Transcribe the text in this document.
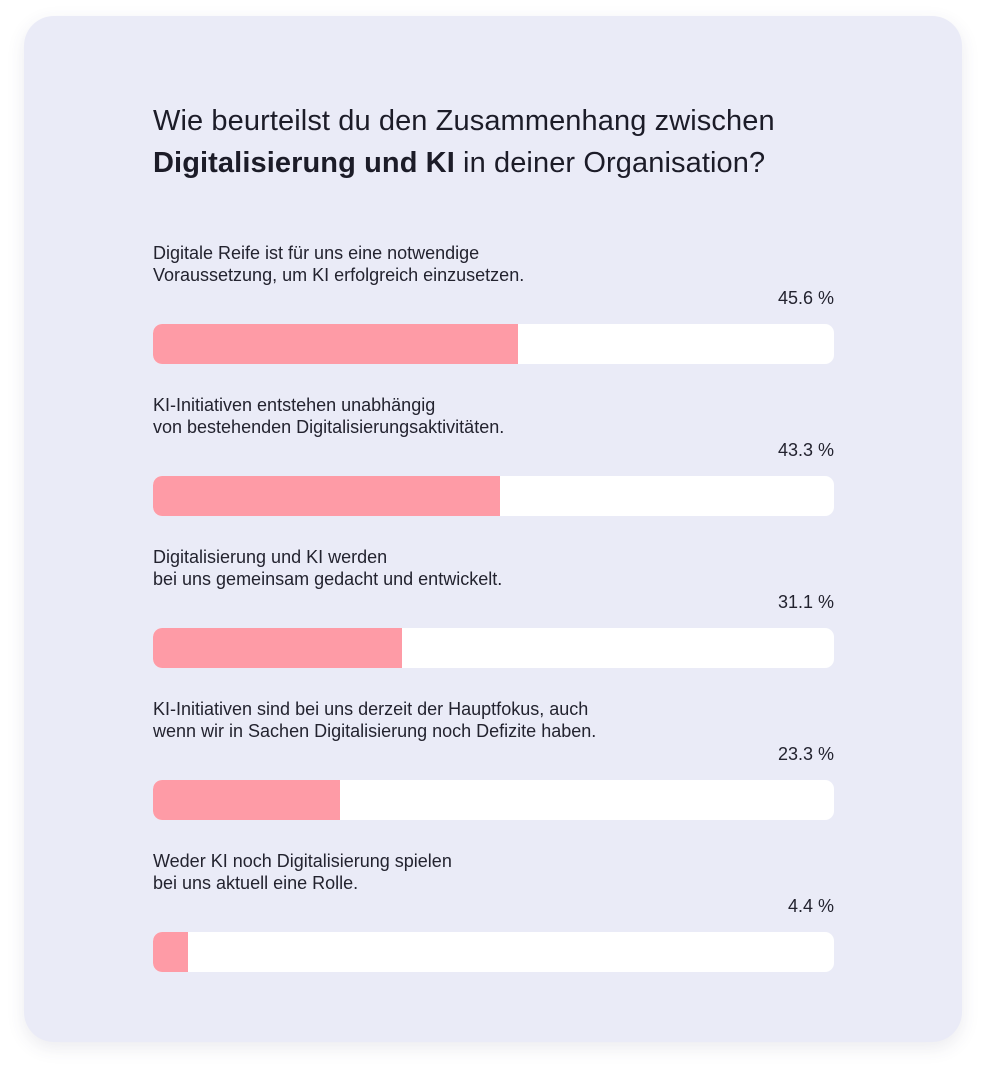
Wie beurteilst du den Zusammenhang zwischen
Digitalisierung und KI in deiner Organisation?
Digitale Reife ist für uns eine notwendige
Voraussetzung, um KI erfolgreich einzusetzen.
45.6 %
KI-Initiativen entstehen unabhängig
von bestehenden Digitalisierungsaktivitäten.
43.3 %
Digitalisierung und KI werden
bei uns gemeinsam gedacht und entwickelt.
31.1 %
KI-Initiativen sind bei uns derzeit der Hauptfokus, auch
wenn wir in Sachen Digitalisierung noch Defizite haben.
23.3 %
Weder KI noch Digitalisierung spielen
bei uns aktuell eine Rolle.
4.4 %
